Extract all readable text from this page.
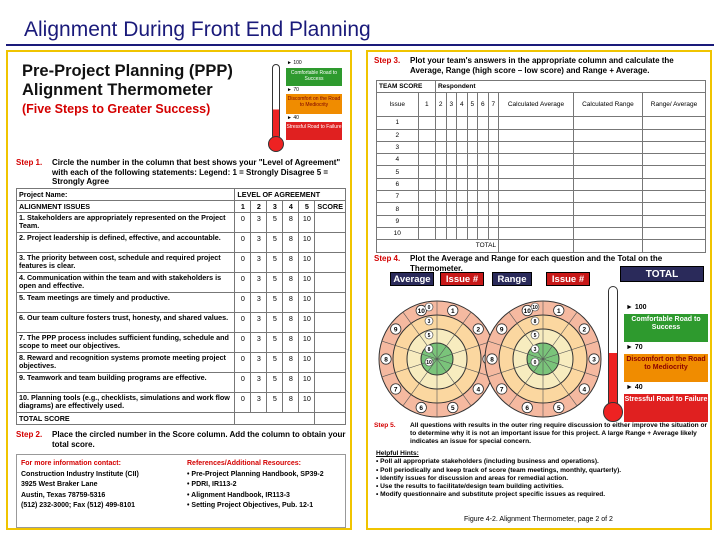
Alignment During Front End Planning
Pre-Project Planning (PPP)
Alignment Thermometer
(Five Steps to Greater Success)
► 100
Comfortable Road to Success
► 70
Discomfort on the Road to Mediocrity
► 40
Stressful Road to Failure
Step 1. Circle the number in the column that best shows your "Level of Agreement" with each of the following statements: Legend: 1 = Strongly Disagree 5 = Strongly Agree
Project Name:	LEVEL OF AGREEMENT					
ALIGNMENT ISSUES	1	2	3	4	5	SCORE
1. Stakeholders are appropriately represented on the Project Team.	0	3	5	8	10	
2. Project leadership is defined, effective, and accountable.	0	3	5	8	10	
3. The priority between cost, schedule and required project features is clear.	0	3	5	8	10	
4. Communication within the team and with stakeholders is open and effective.	0	3	5	8	10	
5. Team meetings are timely and productive.	0	3	5	8	10	
6. Our team culture fosters trust, honesty, and shared values.	0	3	5	8	10	
7. The PPP process includes sufficient funding, schedule and scope to meet our objectives.	0	3	5	8	10	
8. Reward and recognition systems promote meeting project objectives.	0	3	5	8	10	
9. Teamwork and team building programs are effective.	0	3	5	8	10	
10. Planning tools (e.g., checklists, simulations and work flow diagrams) are effectively used.	0	3	5	8	10	
TOTAL SCORE						
Step 2. Place the circled number in the Score column. Add the column to obtain your total score.
For more information contact:
Construction Industry Institute (CII)
3925 West Braker Lane
Austin, Texas 78759-5316
(512) 232-3000; Fax (512) 499-8101
References/Additional Resources:
• Pre-Project Planning Handbook, SP39-2
• PDRI, IR113-2
• Alignment Handbook, IR113-3
• Setting Project Objectives, Pub. 12-1
Step 3. Plot your team's answers in the appropriate column and calculate the Average, Range (high score – low score) and Range + Average.
TEAM SCORE		Respondent								
Issue	1	2	3	4	5	6	7	Calculated Average	Calculated Range	Range/ Average
1										
2										
3										
4										
5										
6										
7										
8										
9										
10										
TOTAL										
Step 4. Plot the Average and Range for each question and the Total on the Thermometer.
Average	Issue #	Range	Issue #
1
2
4
5
6
7
8
9
10 0
3
5
8
10
1
2
3
4
5
6
7
8
9
10 10
8
5
3
0
TOTAL
► 100
Comfortable Road to Success
► 70
Discomfort on the Road to Mediocrity
► 40
Stressful Road to Failure
Step 5. All questions with results in the outer ring require discussion to either improve the situation or to determine why it is not an important issue for this project. A large Range + Average likely indicates an issue for special concern.
Helpful Hints:
• Poll all appropriate stakeholders (including business and operations).
• Poll periodically and keep track of score (team meetings, monthly, quarterly).
• Identify issues for discussion and areas for remedial action.
• Use the results to facilitate/design team building activities.
• Modify questionnaire and substitute project specific issues as required.
Figure 4-2. Alignment Thermometer, page 2 of 2
